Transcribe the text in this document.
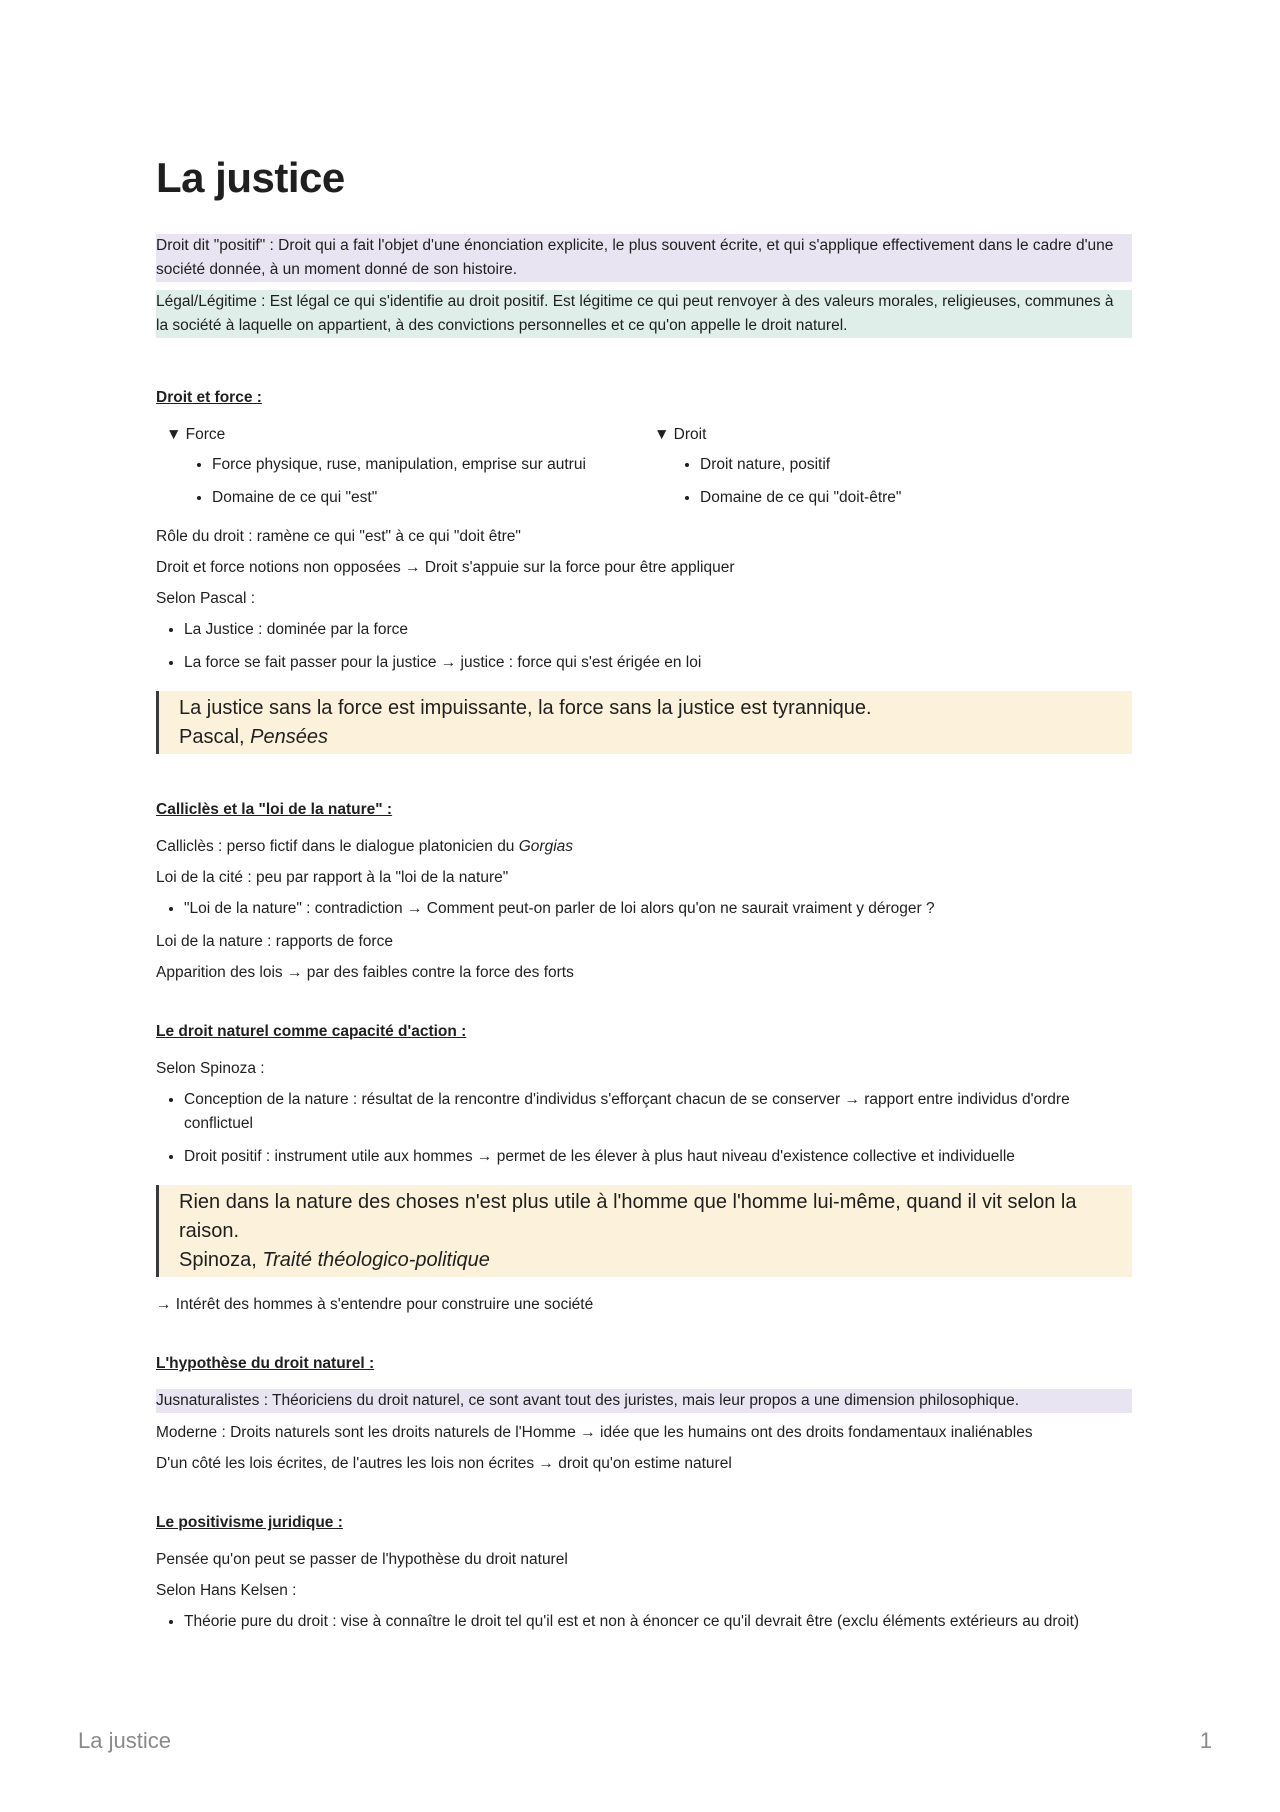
La justice
Droit dit "positif" : Droit qui a fait l'objet d'une énonciation explicite, le plus souvent écrite, et qui s'applique effectivement dans le cadre d'une société donnée, à un moment donné de son histoire.
Légal/Légitime : Est légal ce qui s'identifie au droit positif. Est légitime ce qui peut renvoyer à des valeurs morales, religieuses, communes à la société à laquelle on appartient, à des convictions personnelles et ce qu'on appelle le droit naturel.
Droit et force :
▼ Force
• Force physique, ruse, manipulation, emprise sur autrui
• Domaine de ce qui "est"
▼ Droit
• Droit nature, positif
• Domaine de ce qui "doit-être"
Rôle du droit : ramène ce qui "est" à ce qui "doit être"
Droit et force notions non opposées → Droit s'appuie sur la force pour être appliquer
Selon Pascal :
• La Justice : dominée par la force
• La force se fait passer pour la justice → justice : force qui s'est érigée en loi
La justice sans la force est impuissante, la force sans la justice est tyrannique.
Pascal, Pensées
Calliclès et la "loi de la nature" :
Calliclès : perso fictif dans le dialogue platonicien du Gorgias
Loi de la cité : peu par rapport à la "loi de la nature"
• "Loi de la nature" : contradiction → Comment peut-on parler de loi alors qu'on ne saurait vraiment y déroger ?
Loi de la nature : rapports de force
Apparition des lois → par des faibles contre la force des forts
Le droit naturel comme capacité d'action :
Selon Spinoza :
• Conception de la nature : résultat de la rencontre d'individus s'efforçant chacun de se conserver → rapport entre individus d'ordre conflictuel
• Droit positif : instrument utile aux hommes → permet de les élever à plus haut niveau d'existence collective et individuelle
Rien dans la nature des choses n'est plus utile à l'homme que l'homme lui-même, quand il vit selon la raison.
Spinoza, Traité théologico-politique
→ Intérêt des hommes à s'entendre pour construire une société
L'hypothèse du droit naturel :
Jusnaturalistes : Théoriciens du droit naturel, ce sont avant tout des juristes, mais leur propos a une dimension philosophique.
Moderne : Droits naturels sont les droits naturels de l'Homme → idée que les humains ont des droits fondamentaux inaliénables
D'un côté les lois écrites, de l'autres les lois non écrites → droit qu'on estime naturel
Le positivisme juridique :
Pensée qu'on peut se passer de l'hypothèse du droit naturel
Selon Hans Kelsen :
• Théorie pure du droit : vise à connaître le droit tel qu'il est et non à énoncer ce qu'il devrait être (exclu éléments extérieurs au droit)
La justice	1
